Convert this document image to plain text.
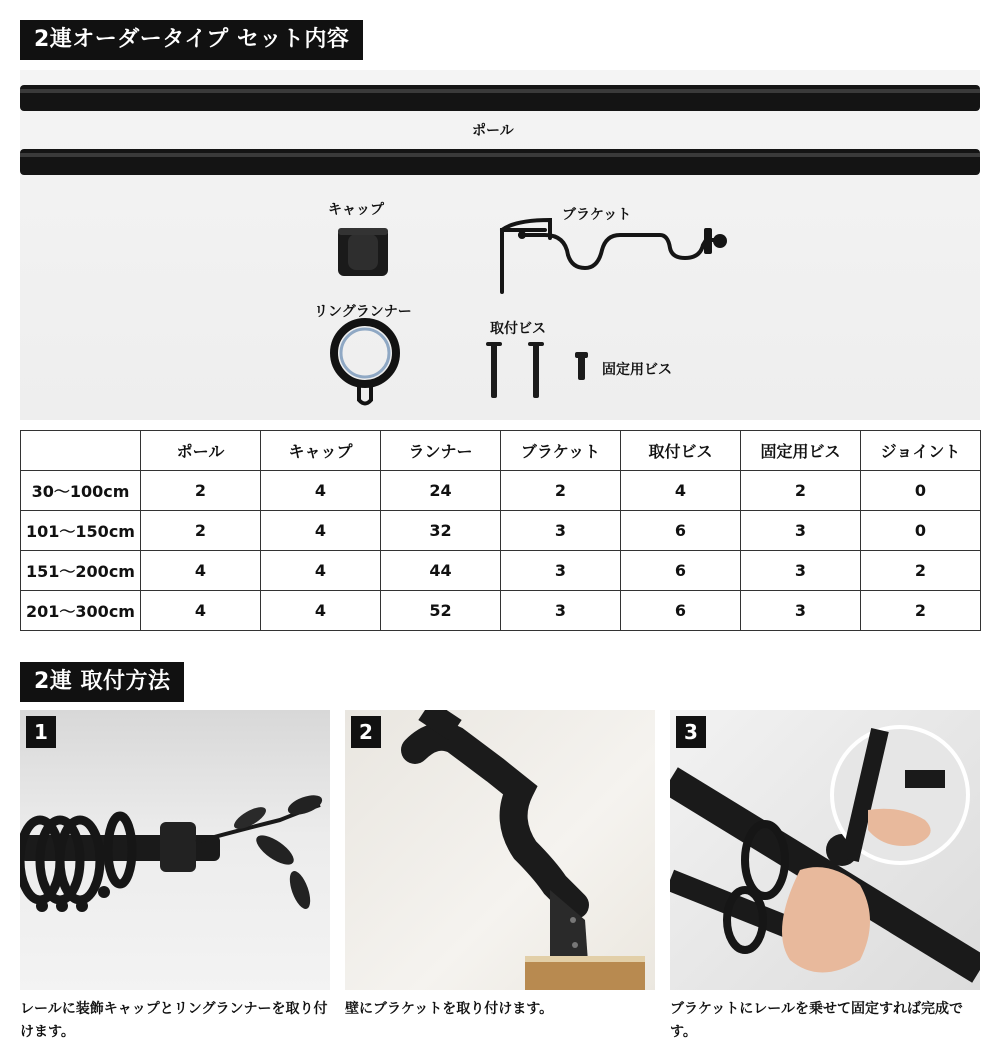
2連オーダータイプ セット内容
ポール
キャップ	ブラケット
リングランナー
取付ビス
固定用ビス
	ポール	キャップ	ランナー	ブラケット	取付ビス	固定用ビス	ジョイント
30〜100cm	2	4	24	2	4	2	0
101〜150cm	2	4	32	3	6	3	0
151〜200cm	4	4	44	3	6	3	2
201〜300cm	4	4	52	3	6	3	2
2連 取付方法
1	2	3
レールに装飾キャップとリングランナーを取り付けます。
壁にブラケットを取り付けます。	ブラケットにレールを乗せて固定すれば完成です。
